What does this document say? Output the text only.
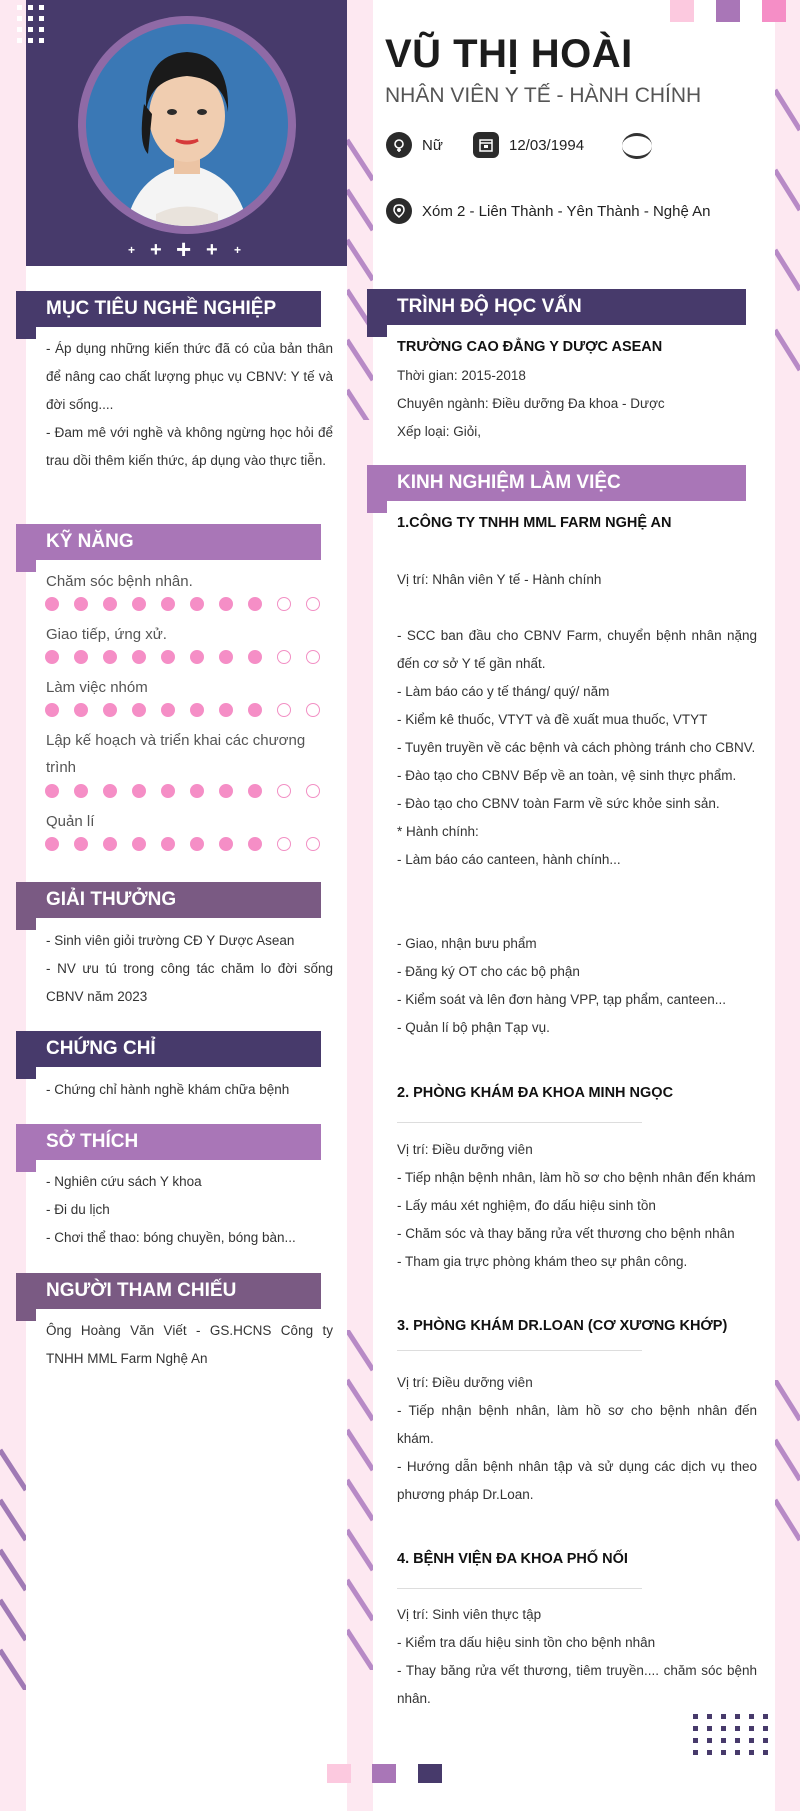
+ + + + +
VŨ THỊ HOÀI
NHÂN VIÊN Y TẾ - HÀNH CHÍNH
Nữ	12/03/1994
Xóm 2 - Liên Thành - Yên Thành - Nghệ An
MỤC TIÊU NGHỀ NGHIỆP
- Áp dụng những kiến thức đã có của bản thân để nâng cao chất lượng phục vụ CBNV: Y tế và đời sống....
- Đam mê với nghề và không ngừng học hỏi để trau dồi thêm kiến thức, áp dụng vào thực tiễn.
KỸ NĂNG
Chăm sóc bệnh nhân.
Giao tiếp, ứng xử.
Làm việc nhóm
Lập kế hoạch và triển khai các chương trình
Quản lí
GIẢI THƯỞNG
- Sinh viên giỏi trường CĐ Y Dược Asean
- NV ưu tú trong công tác chăm lo đời sống CBNV năm 2023
CHỨNG CHỈ
- Chứng chỉ hành nghề khám chữa bệnh
SỞ THÍCH
- Nghiên cứu sách Y khoa
- Đi du lịch
- Chơi thể thao: bóng chuyền, bóng bàn...
NGƯỜI THAM CHIẾU
Ông Hoàng Văn Viết - GS.HCNS Công ty TNHH MML Farm Nghệ An
TRÌNH ĐỘ HỌC VẤN
TRƯỜNG CAO ĐẲNG Y DƯỢC ASEAN
Thời gian: 2015-2018
Chuyên ngành: Điều dưỡng Đa khoa - Dược
Xếp loại: Giỏi,
KINH NGHIỆM LÀM VIỆC
1.CÔNG TY TNHH MML FARM NGHỆ AN
Vị trí: Nhân viên Y tế - Hành chính
- SCC ban đầu cho CBNV Farm, chuyển bệnh nhân nặng đến cơ sở Y tế gần nhất.
- Làm báo cáo y tế tháng/ quý/ năm
- Kiểm kê thuốc, VTYT và đề xuất mua thuốc, VTYT
- Tuyên truyền về các bệnh và cách phòng tránh cho CBNV.
- Đào tạo cho CBNV Bếp về an toàn, vệ sinh thực phẩm.
- Đào tạo cho CBNV toàn Farm về sức khỏe sinh sản.
* Hành chính:
- Làm báo cáo canteen, hành chính...
- Giao, nhận bưu phẩm
- Đăng ký OT cho các bộ phận
- Kiểm soát và lên đơn hàng VPP, tạp phẩm, canteen...
- Quản lí bộ phận Tạp vụ.
2. PHÒNG KHÁM ĐA KHOA MINH NGỌC
Vị trí: Điều dưỡng viên
- Tiếp nhận bệnh nhân, làm hồ sơ cho bệnh nhân đến khám
- Lấy máu xét nghiệm, đo dấu hiệu sinh tồn
- Chăm sóc và thay băng rửa vết thương cho bệnh nhân
- Tham gia trực phòng khám theo sự phân công.
3. PHÒNG KHÁM DR.LOAN (CƠ XƯƠNG KHỚP)
Vị trí: Điều dưỡng viên
- Tiếp nhận bệnh nhân, làm hồ sơ cho bệnh nhân đến khám.
- Hướng dẫn bệnh nhân tập và sử dụng các dịch vụ theo phương pháp Dr.Loan.
4. BỆNH VIỆN ĐA KHOA PHỐ NỐI
Vị trí: Sinh viên thực tập
- Kiểm tra dấu hiệu sinh tồn cho bệnh nhân
- Thay băng rửa vết thương, tiêm truyền.... chăm sóc bệnh nhân.
